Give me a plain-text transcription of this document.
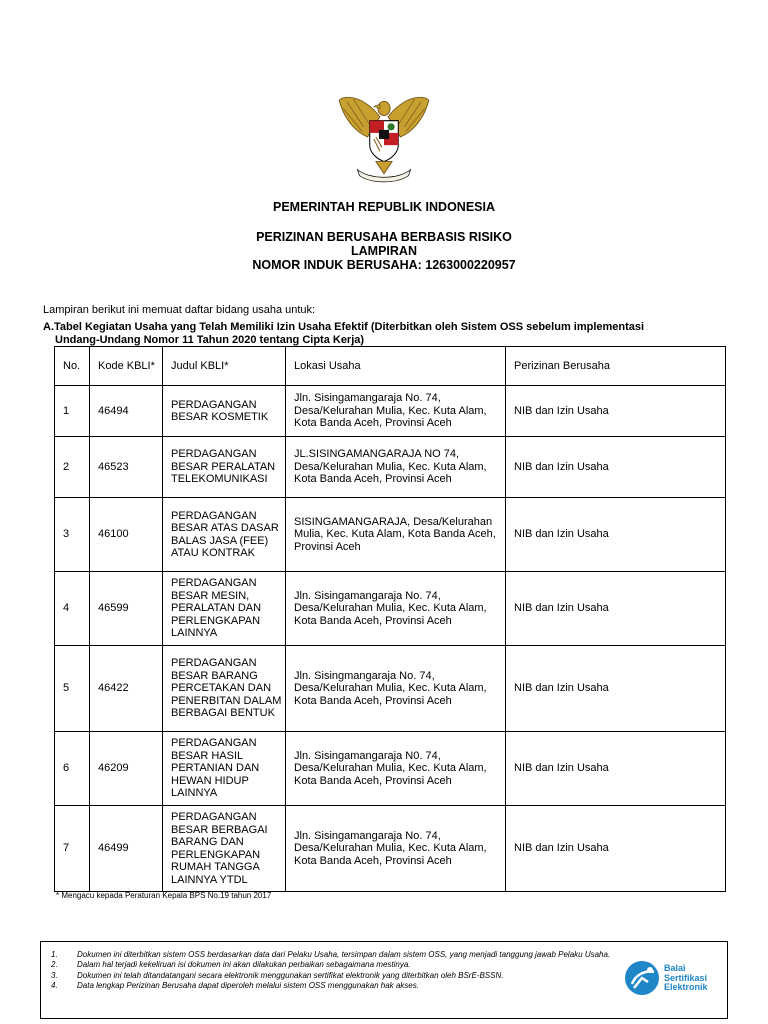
PEMERINTAH REPUBLIK INDONESIA
PERIZINAN BERUSAHA BERBASIS RISIKO
LAMPIRAN
NOMOR INDUK BERUSAHA: 1263000220957
Lampiran berikut ini memuat daftar bidang usaha untuk:
A.Tabel Kegiatan Usaha yang Telah Memiliki Izin Usaha Efektif (Diterbitkan oleh Sistem OSS sebelum implementasi
Undang-Undang Nomor 11 Tahun 2020 tentang Cipta Kerja)
No.	Kode KBLI*	Judul KBLI*	Lokasi Usaha	Perizinan Berusaha
1	46494	PERDAGANGAN BESAR KOSMETIK	Jln. Sisingamangaraja No. 74, Desa/Kelurahan Mulia, Kec. Kuta Alam, Kota Banda Aceh, Provinsi Aceh	NIB dan Izin Usaha
2	46523	PERDAGANGAN BESAR PERALATAN TELEKOMUNIKASI	JL.SISINGAMANGARAJA NO 74, Desa/Kelurahan Mulia, Kec. Kuta Alam, Kota Banda Aceh, Provinsi Aceh	NIB dan Izin Usaha
3	46100	PERDAGANGAN BESAR ATAS DASAR BALAS JASA (FEE) ATAU KONTRAK	SISINGAMANGARAJA, Desa/Kelurahan Mulia, Kec. Kuta Alam, Kota Banda Aceh, Provinsi Aceh	NIB dan Izin Usaha
4	46599	PERDAGANGAN BESAR MESIN, PERALATAN DAN PERLENGKAPAN LAINNYA	Jln. Sisingamangaraja No. 74, Desa/Kelurahan Mulia, Kec. Kuta Alam, Kota Banda Aceh, Provinsi Aceh	NIB dan Izin Usaha
5	46422	PERDAGANGAN BESAR BARANG PERCETAKAN DAN PENERBITAN DALAM BERBAGAI BENTUK	Jln. Sisingmangaraja No. 74, Desa/Kelurahan Mulia, Kec. Kuta Alam, Kota Banda Aceh, Provinsi Aceh	NIB dan Izin Usaha
6	46209	PERDAGANGAN BESAR HASIL PERTANIAN DAN HEWAN HIDUP LAINNYA	Jln. Sisingamangaraja N0. 74, Desa/Kelurahan Mulia, Kec. Kuta Alam, Kota Banda Aceh, Provinsi Aceh	NIB dan Izin Usaha
7	46499	PERDAGANGAN BESAR BERBAGAI BARANG DAN PERLENGKAPAN RUMAH TANGGA LAINNYA YTDL	Jln. Sisingamangaraja No. 74, Desa/Kelurahan Mulia, Kec. Kuta Alam, Kota Banda Aceh, Provinsi Aceh	NIB dan Izin Usaha
* Mengacu kepada Peraturan Kepala BPS No.19 tahun 2017
1.	Dokumen ini diterbitkan sistem OSS berdasarkan data dari Pelaku Usaha, tersimpan dalam sistem OSS, yang menjadi tanggung jawab Pelaku Usaha.
2.	Dalam hal terjadi kekeliruan isi dokumen ini akan dilakukan perbaikan sebagaimana mestinya.
3.	Dokumen ini telah ditandatangani secara elektronik menggunakan sertifikat elektronik yang diterbitkan oleh BSrE-BSSN.
4.	Data lengkap Perizinan Berusaha dapat diperoleh melalui sistem OSS menggunakan hak akses.
Balai
Sertifikasi
Elektronik
